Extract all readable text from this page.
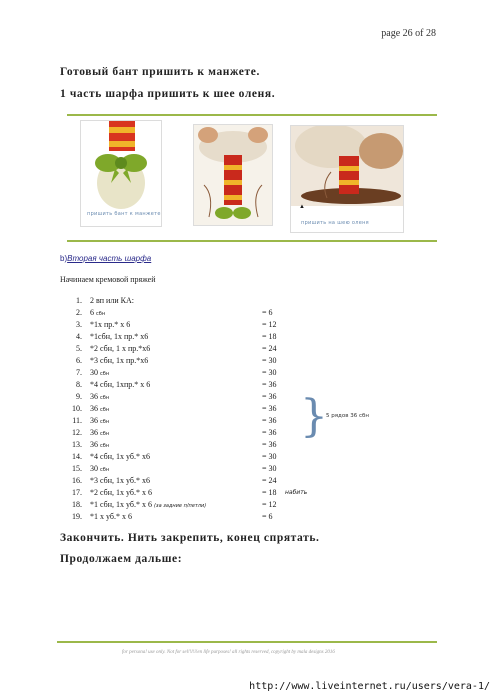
page 26 of 28
Готовый бант пришить к манжете.
1 часть шарфа пришить к шее оленя.
пришить бант к манжете
▲
пришить на шею оленя
b)Вторая часть шарфа
Начинаем кремовой пряжей
1. 2 вп или КА:
2. 6 сбн	= 6
3. *1х пр.* х 6	= 12
4. *1сбн, 1х пр.* х6	= 18
5. *2 сбн, 1 х пр.*х6	= 24
6. *3 сбн, 1х пр.*х6	= 30
7. 30 сбн	= 30
8. *4 сбн, 1хпр.* х 6	= 36
9. 36 сбн	= 36
10. 36 сбн	= 36
11. 36 сбн	= 36
12. 36 сбн	= 36
13. 36 сбн	= 36
14. *4 сбн, 1х уб.* х6	= 30
15. 30 сбн	= 30
16. *3 сбн, 1х уб.* х6	= 24
17. *2 сбн, 1х уб.* х 6	= 18 набить
18. *1 сбн, 1х уб.* х 6 (за задние п/петли)	= 12
19. *1 х уб.* х 6	= 6
}
5 рядов 36 сбн
Закончить. Нить закрепить, конец спрятать.
Продолжаем дальше:
for persona! use only. Not for sel!!l!i!en life purposes! all rights reserved, copyright by mala designs 2016
http://www.liveinternet.ru/users/vera-1/
